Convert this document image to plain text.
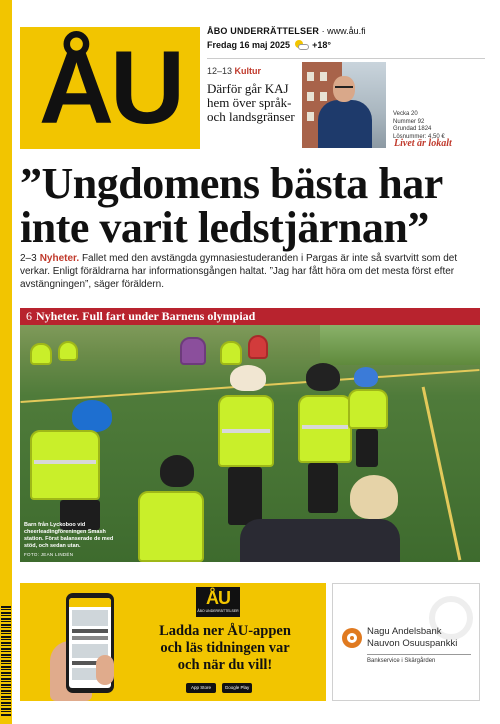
ÅU	ÅBO UNDERRÄTTELSER · www.åu.fi
Fredag 16 maj 2025 +18°
12–13 Kultur
Därför går KAJ hem över språk- och landsgränser	Vecka 20
Nummer 92
Grundad 1824
Lösnummer: 4,50 €
Livet är lokalt
”Ungdomens bästa har inte varit ledstjärnan”
2–3 Nyheter. Fallet med den avstängda gymnasiestuderanden i Pargas är inte så svartvitt som det verkar. Enligt föräldrarna har informationsgången haltat. ”Jag har fått höra om det mesta först efter avstängningen”, säger föräldern.
6 Nyheter. Full fart under Barnens olympiad
Barn från Lyckoboo vid cheerleadingföreningen Smash station. Först balanserade de med stöd, och sedan utan.
FOTO: JEAN LINDÉN
ÅU
ÅBO UNDERRÄTTELSER
Ladda ner ÅU-appen
och läs tidningen var
och när du vill!
App Store	Google Play
Nagu Andelsbank
Nauvon Osuuspankki
Bankservice i Skärgården
